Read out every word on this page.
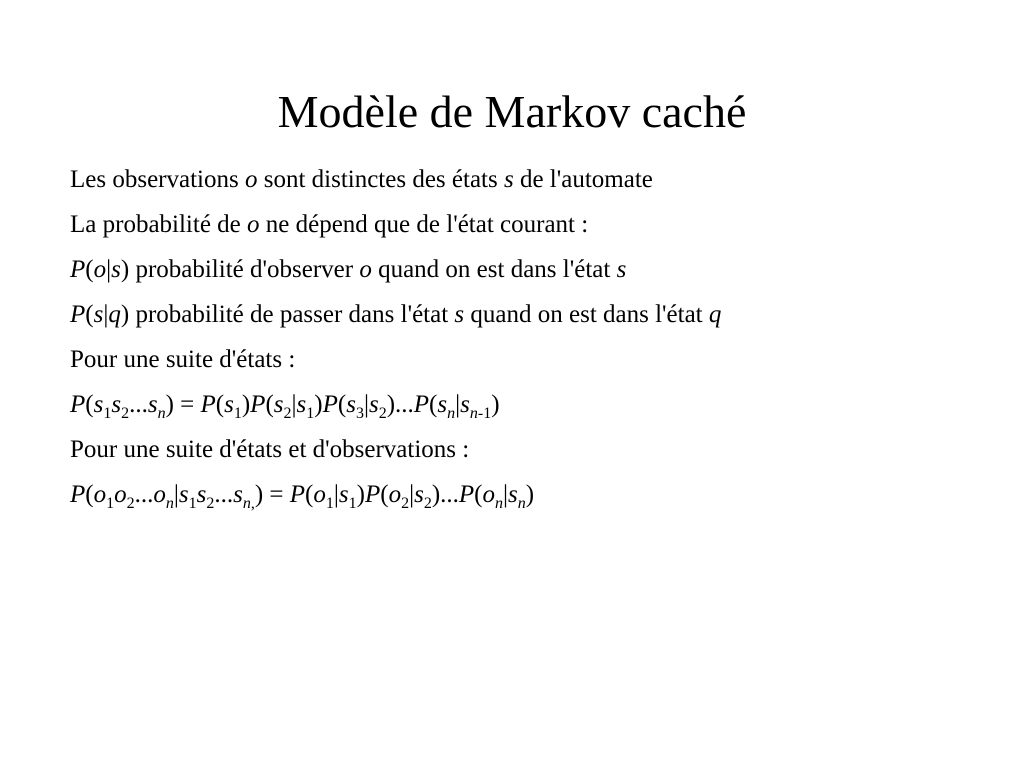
Modèle de Markov caché

Les observations o sont distinctes des états s de l'automate

La probabilité de o ne dépend que de l'état courant :

P(o|s) probabilité d'observer o quand on est dans l'état s

P(s|q) probabilité de passer dans l'état s quand on est dans l'état q

Pour une suite d'états :

$P(s_1s_2...s_n) = P(s_1)P(s_2|s_1)P(s_3|s_2)...P(s_n|s_{n-1})$

Pour une suite d'états et d'observations :

$P(o_1o_2...o_n|s_1s_2...s_{n,}) = P(o_1|s_1)P(o_2|s_2)...P(o_n|s_n)$
